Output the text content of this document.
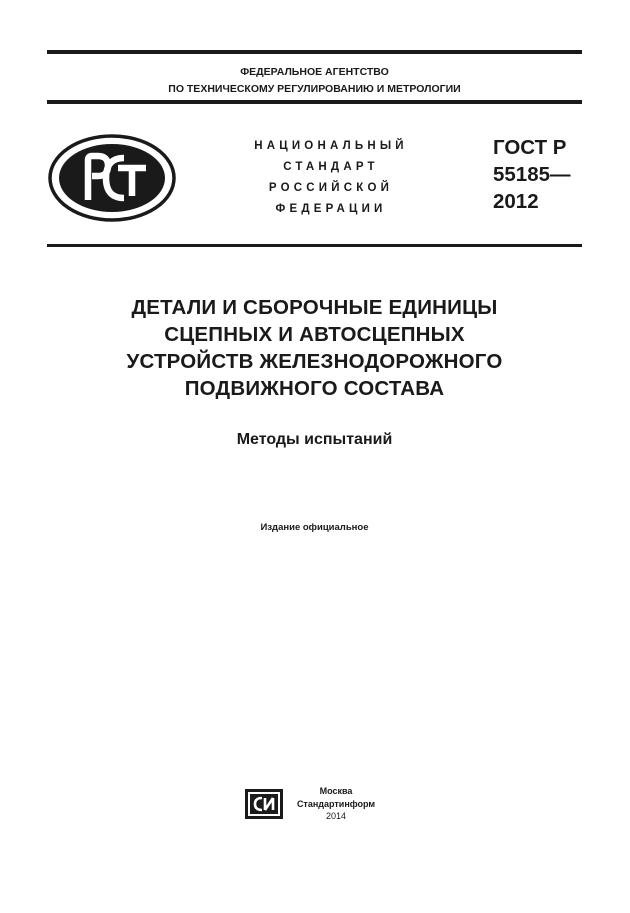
ФЕДЕРАЛЬНОЕ АГЕНТСТВО
ПО ТЕХНИЧЕСКОМУ РЕГУЛИРОВАНИЮ И МЕТРОЛОГИИ
НАЦИОНАЛЬНЫЙ
СТАНДАРТ
РОССИЙСКОЙ
ФЕДЕРАЦИИ
ГОСТ Р
55185—
2012
ДЕТАЛИ И СБОРОЧНЫЕ ЕДИНИЦЫ
СЦЕПНЫХ И АВТОСЦЕПНЫХ
УСТРОЙСТВ ЖЕЛЕЗНОДОРОЖНОГО
ПОДВИЖНОГО СОСТАВА
Методы испытаний
Издание официальное
Москва
Стандартинформ
2014
